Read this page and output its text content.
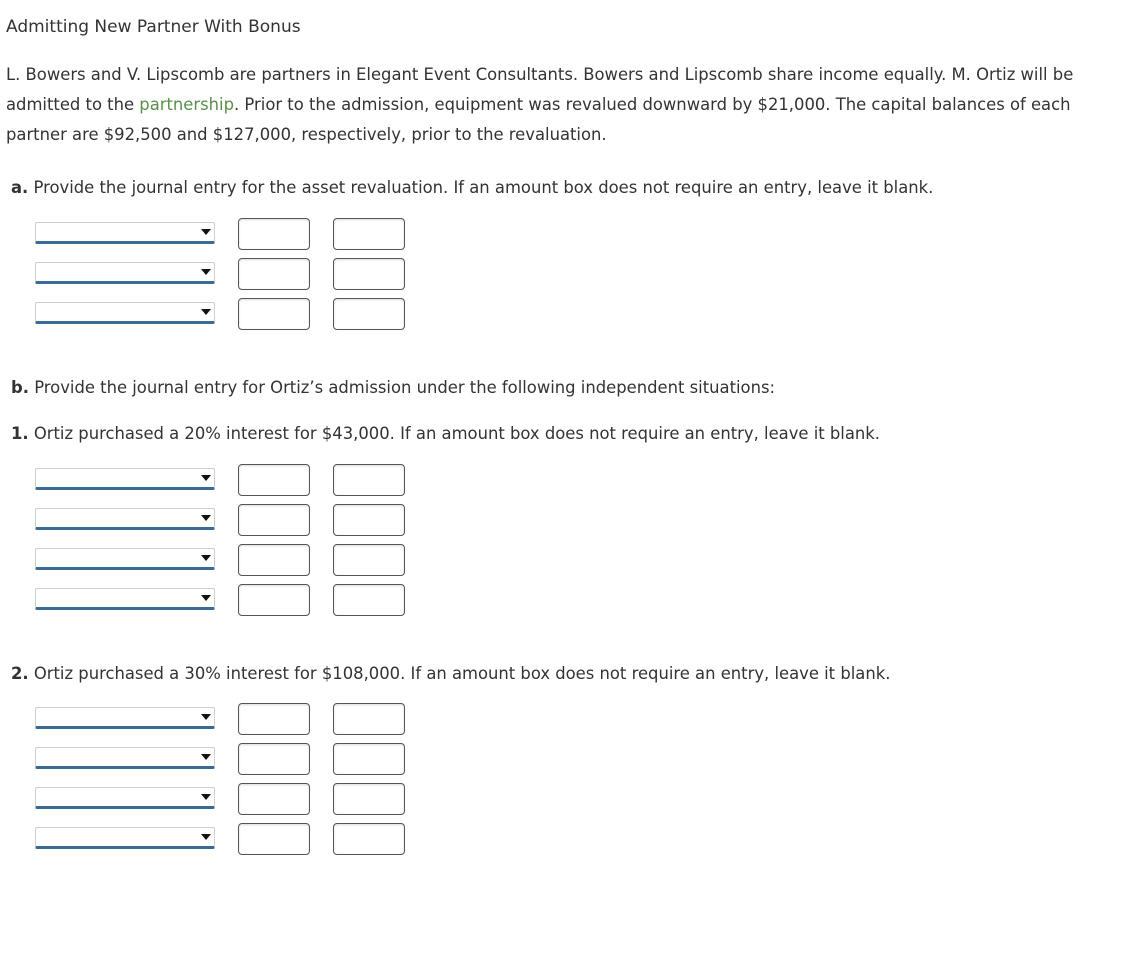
Admitting New Partner With Bonus
L. Bowers and V. Lipscomb are partners in Elegant Event Consultants. Bowers and Lipscomb share income equally. M. Ortiz will be admitted to the partnership. Prior to the admission, equipment was revalued downward by $21,000. The capital balances of each partner are $92,500 and $127,000, respectively, prior to the revaluation.
a. Provide the journal entry for the asset revaluation. If an amount box does not require an entry, leave it blank.
b. Provide the journal entry for Ortiz’s admission under the following independent situations:
1. Ortiz purchased a 20% interest for $43,000. If an amount box does not require an entry, leave it blank.
2. Ortiz purchased a 30% interest for $108,000. If an amount box does not require an entry, leave it blank.
